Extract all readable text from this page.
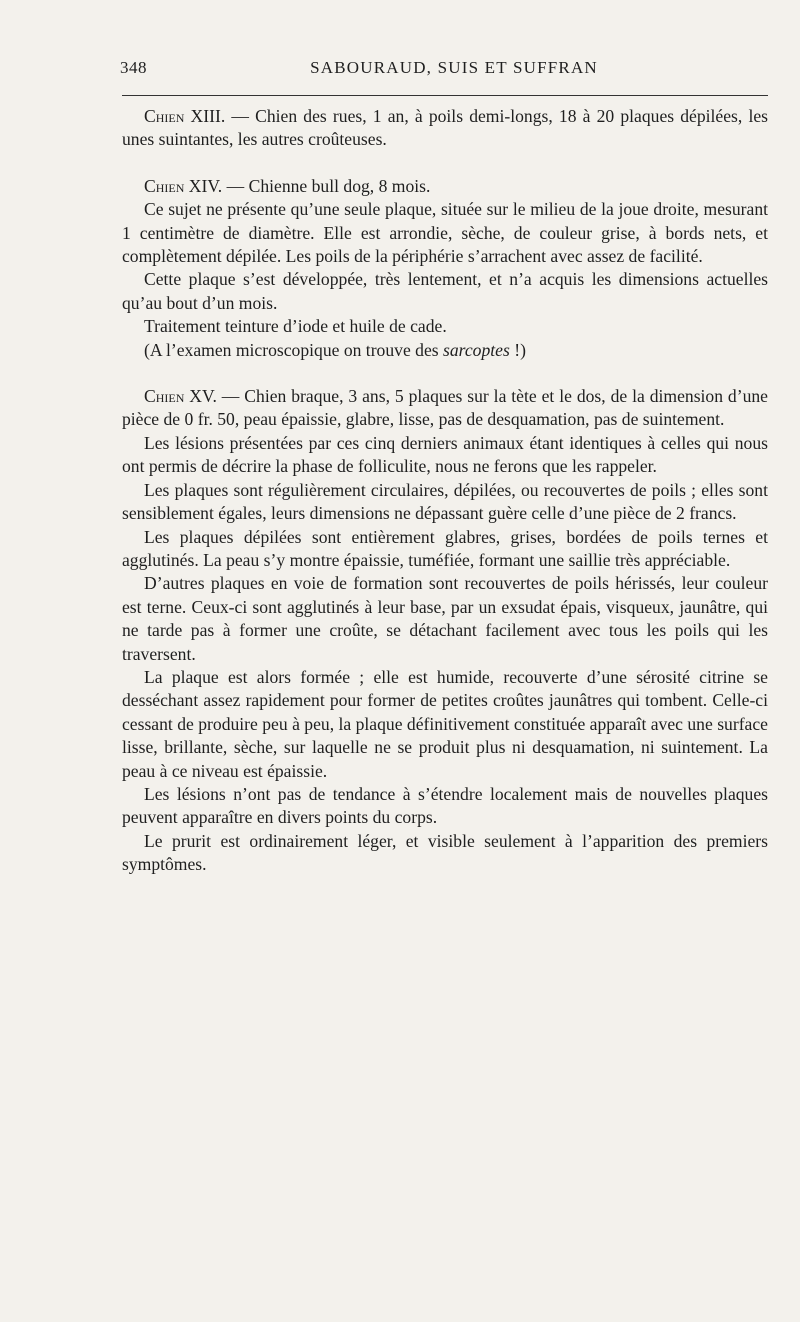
348	SABOURAUD, SUIS ET SUFFRAN

Chien XIII. — Chien des rues, 1 an, à poils demi-longs, 18 à 20 plaques dépilées, les unes suintantes, les autres croûteuses.

Chien XIV. — Chienne bull dog, 8 mois.

Ce sujet ne présente qu’une seule plaque, située sur le milieu de la joue droite, mesurant 1 centimètre de diamètre. Elle est arrondie, sèche, de couleur grise, à bords nets, et complètement dépilée. Les poils de la périphérie s’arrachent avec assez de facilité.

Cette plaque s’est développée, très lentement, et n’a acquis les dimensions actuelles qu’au bout d’un mois.

Traitement teinture d’iode et huile de cade.

(A l’examen microscopique on trouve des sarcoptes !)

Chien XV. — Chien braque, 3 ans, 5 plaques sur la tète et le dos, de la dimension d’une pièce de 0 fr. 50, peau épaissie, glabre, lisse, pas de desquamation, pas de suintement.

Les lésions présentées par ces cinq derniers animaux étant identiques à celles qui nous ont permis de décrire la phase de folliculite, nous ne ferons que les rappeler.

Les plaques sont régulièrement circulaires, dépilées, ou recouvertes de poils ; elles sont sensiblement égales, leurs dimensions ne dépassant guère celle d’une pièce de 2 francs.

Les plaques dépilées sont entièrement glabres, grises, bordées de poils ternes et agglutinés. La peau s’y montre épaissie, tuméfiée, formant une saillie très appréciable.

D’autres plaques en voie de formation sont recouvertes de poils hérissés, leur couleur est terne. Ceux-ci sont agglutinés à leur base, par un exsudat épais, visqueux, jaunâtre, qui ne tarde pas à former une croûte, se détachant facilement avec tous les poils qui les traversent.

La plaque est alors formée ; elle est humide, recouverte d’une sérosité citrine se desséchant assez rapidement pour former de petites croûtes jaunâtres qui tombent. Celle-ci cessant de produire peu à peu, la plaque définitivement constituée apparaît avec une surface lisse, brillante, sèche, sur laquelle ne se produit plus ni desquamation, ni suintement. La peau à ce niveau est épaissie.

Les lésions n’ont pas de tendance à s’étendre localement mais de nouvelles plaques peuvent apparaître en divers points du corps.

Le prurit est ordinairement léger, et visible seulement à l’apparition des premiers symptômes.
